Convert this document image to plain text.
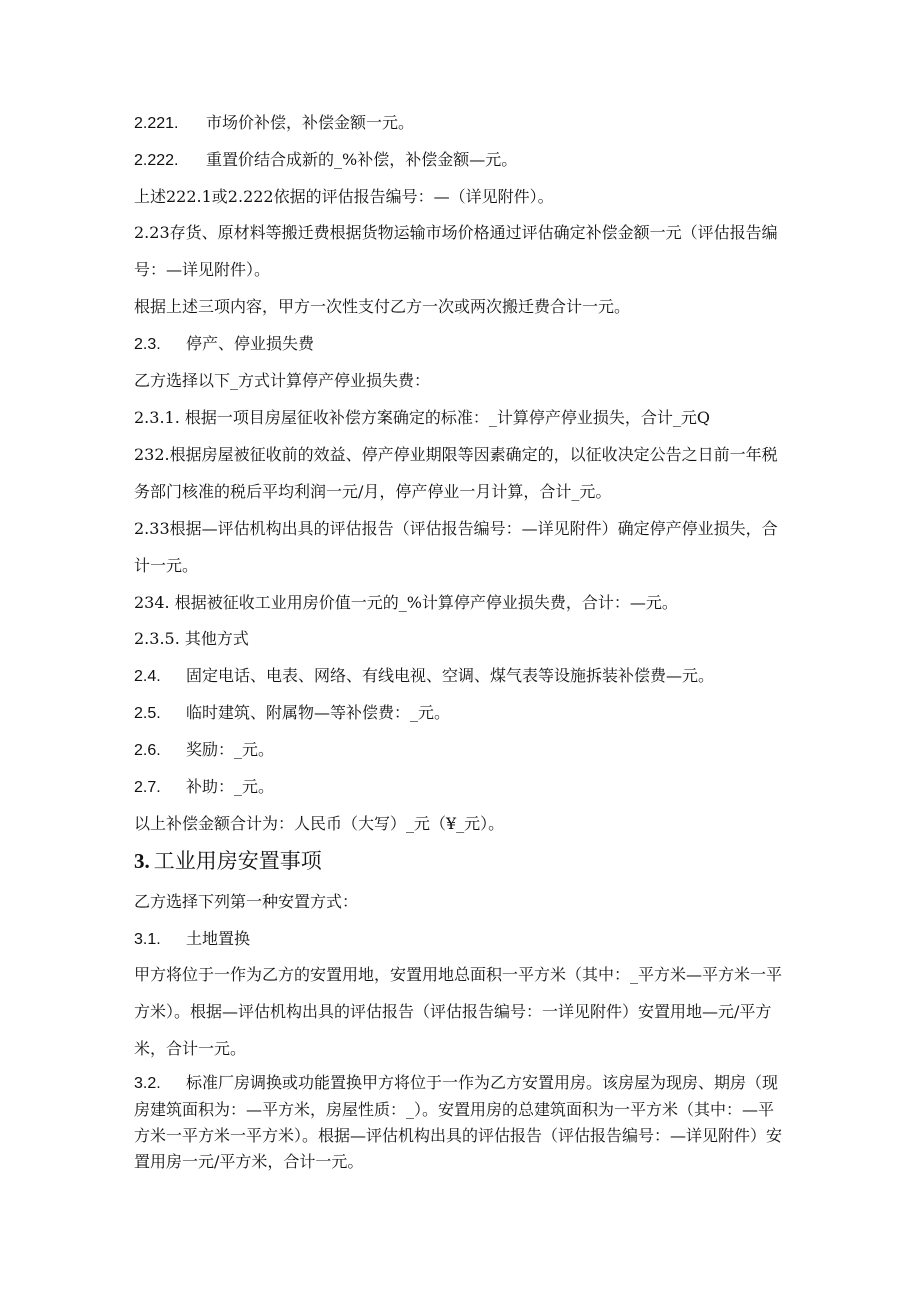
2.221. 市场价补偿，补偿金额一元。
2.222. 重置价结合成新的_%补偿，补偿金额—元。
上述222.1或2.222依据的评估报告编号：—（详见附件）。
2.23存货、原材料等搬迁费根据货物运输市场价格通过评估确定补偿金额一元（评估报告编号：—详见附件）。
根据上述三项内容，甲方一次性支付乙方一次或两次搬迁费合计一元。
2.3. 停产、停业损失费
乙方选择以下_方式计算停产停业损失费：
2.3.1. 根据一项目房屋征收补偿方案确定的标准：_计算停产停业损失，合计_元Q
232.根据房屋被征收前的效益、停产停业期限等因素确定的，以征收决定公告之日前一年税务部门核准的税后平均利润一元/月，停产停业一月计算，合计_元。
2.33根据—评估机构出具的评估报告（评估报告编号：—详见附件）确定停产停业损失，合计一元。
234. 根据被征收工业用房价值一元的_%计算停产停业损失费，合计：—元。
2.3.5. 其他方式
2.4. 固定电话、电表、网络、有线电视、空调、煤气表等设施拆装补偿费—元。
2.5. 临时建筑、附属物—等补偿费：_元。
2.6. 奖励：_元。
2.7. 补助：_元。
以上补偿金额合计为：人民币（大写）_元（¥_元）。
3. 工业用房安置事项
乙方选择下列第一种安置方式：
3.1. 土地置换
甲方将位于一作为乙方的安置用地，安置用地总面积一平方米（其中：_平方米—平方米一平方米）。根据—评估机构出具的评估报告（评估报告编号：一详见附件）安置用地—元/平方米，合计一元。
3.2. 标准厂房调换或功能置换甲方将位于一作为乙方安置用房。该房屋为现房、期房（现房建筑面积为：—平方米，房屋性质：_）。安置用房的总建筑面积为一平方米（其中：—平方米一平方米一平方米）。根据—评估机构出具的评估报告（评估报告编号：—详见附件）安置用房一元/平方米，合计一元。
